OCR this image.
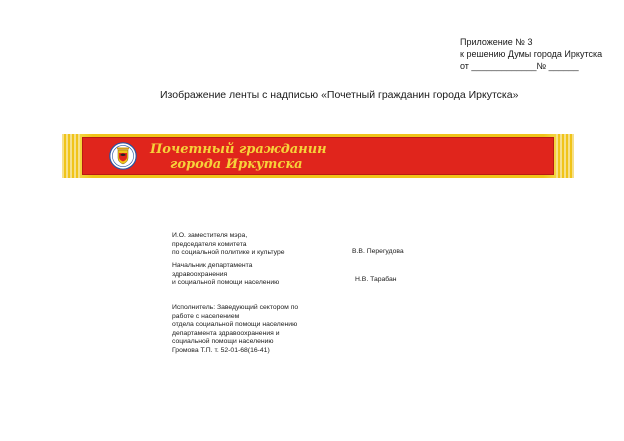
Приложение № 3
к решению Думы города Иркутска
от _____________№ ______
Изображение ленты с надписью «Почетный гражданин города Иркутска»
Почетный гражданин
города Иркутска
И.О. заместителя мэра,
председателя комитета
по социальной политике и культуре	В.В. Перегудова
Начальник департамента
здравоохранения
и социальной помощи населению	Н.В. Тарабан
Исполнитель: Заведующий сектором по
работе с населением
отдела социальной помощи населению
департамента здравоохранения и
социальной помощи населению
Громова Т.П. т. 52-01-68(16-41)
